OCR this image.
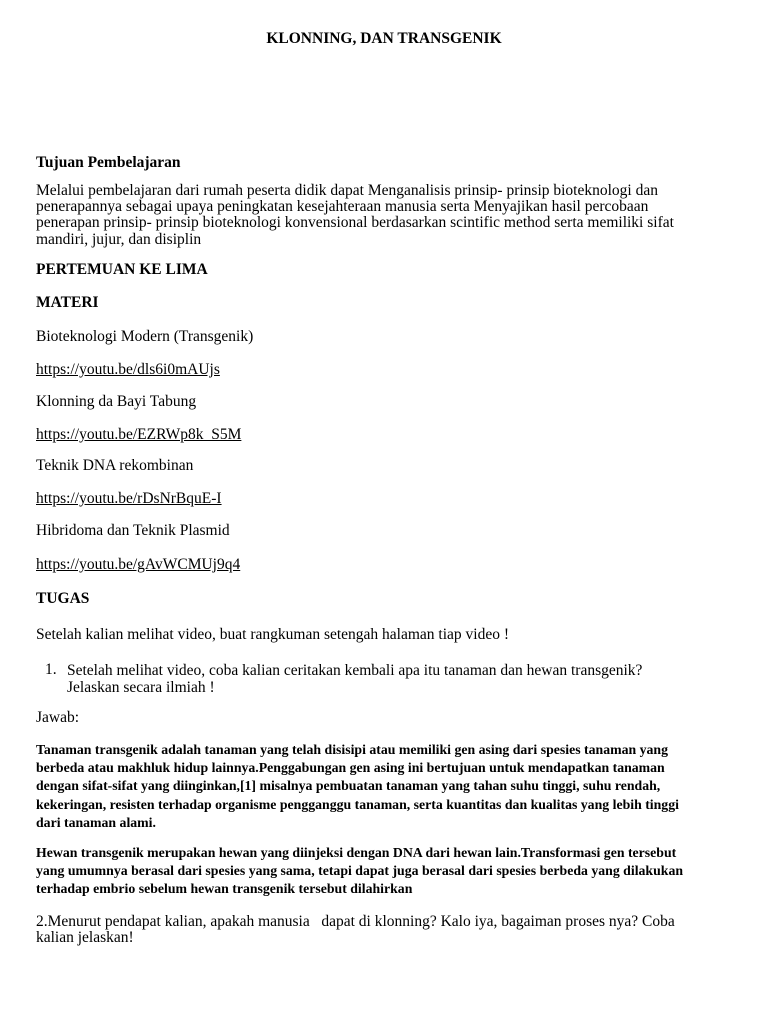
KLONNING, DAN TRANSGENIK
Tujuan Pembelajaran
Melalui pembelajaran dari rumah peserta didik dapat Menganalisis prinsip- prinsip bioteknologi dan
penerapannya sebagai upaya peningkatan kesejahteraan manusia serta Menyajikan hasil percobaan
penerapan prinsip- prinsip bioteknologi konvensional berdasarkan scintific method serta memiliki sifat
mandiri, jujur, dan disiplin
PERTEMUAN KE LIMA
MATERI
Bioteknologi Modern (Transgenik)
https://youtu.be/dls6i0mAUjs
Klonning da Bayi Tabung
https://youtu.be/EZRWp8k_S5M
Teknik DNA rekombinan
https://youtu.be/rDsNrBquE-I
Hibridoma dan Teknik Plasmid
https://youtu.be/gAvWCMUj9q4
TUGAS
Setelah kalian melihat video, buat rangkuman setengah halaman tiap video !
1. Setelah melihat video, coba kalian ceritakan kembali apa itu tanaman dan hewan transgenik?
Jelaskan secara ilmiah !
Jawab:
Tanaman transgenik adalah tanaman yang telah disisipi atau memiliki gen asing dari spesies tanaman yang
berbeda atau makhluk hidup lainnya.Penggabungan gen asing ini bertujuan untuk mendapatkan tanaman
dengan sifat-sifat yang diinginkan,[1] misalnya pembuatan tanaman yang tahan suhu tinggi, suhu rendah,
kekeringan, resisten terhadap organisme pengganggu tanaman, serta kuantitas dan kualitas yang lebih tinggi
dari tanaman alami.
Hewan transgenik merupakan hewan yang diinjeksi dengan DNA dari hewan lain.Transformasi gen tersebut
yang umumnya berasal dari spesies yang sama, tetapi dapat juga berasal dari spesies berbeda yang dilakukan
terhadap embrio sebelum hewan transgenik tersebut dilahirkan
2.Menurut pendapat kalian, apakah manusia   dapat di klonning? Kalo iya, bagaiman proses nya? Coba
kalian jelaskan!
